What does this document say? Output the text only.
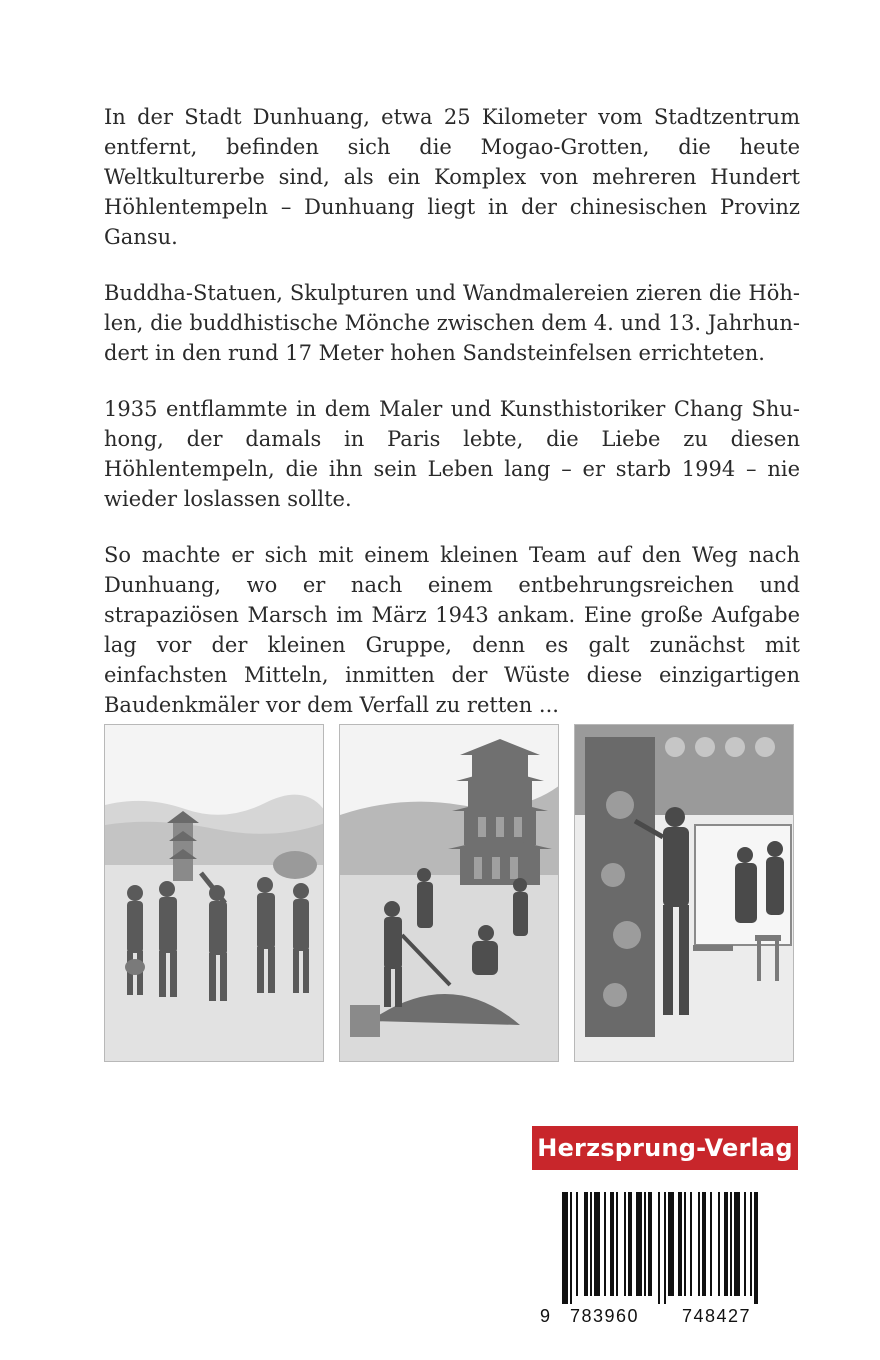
In der Stadt Dunhuang, etwa 25 Kilometer vom Stadtzentrum entfernt, befinden sich die Mogao-Grotten, die heute Weltkulturerbe sind, als ein Komplex von mehreren Hundert Höhlentempeln – Dunhuang liegt in der chinesischen Provinz Gansu.

Buddha-Statuen, Skulpturen und Wandmalereien zieren die Höhlen, die buddhistische Mönche zwischen dem 4. und 13. Jahrhundert in den rund 17 Meter hohen Sandsteinfelsen errichteten.

1935 entflammte in dem Maler und Kunsthistoriker Chang Shuhong, der damals in Paris lebte, die Liebe zu diesen Höhlentempeln, die ihn sein Leben lang – er starb 1994 – nie wieder loslassen sollte.

So machte er sich mit einem kleinen Team auf den Weg nach Dunhuang, wo er nach einem entbehrungsreichen und strapaziösen Marsch im März 1943 ankam. Eine große Aufgabe lag vor der kleinen Gruppe, denn es galt zunächst mit einfachsten Mitteln, inmitten der Wüste diese einzigartigen Baudenkmäler vor dem Verfall zu retten ...

Herzsprung-Verlag
9 783960 748427
